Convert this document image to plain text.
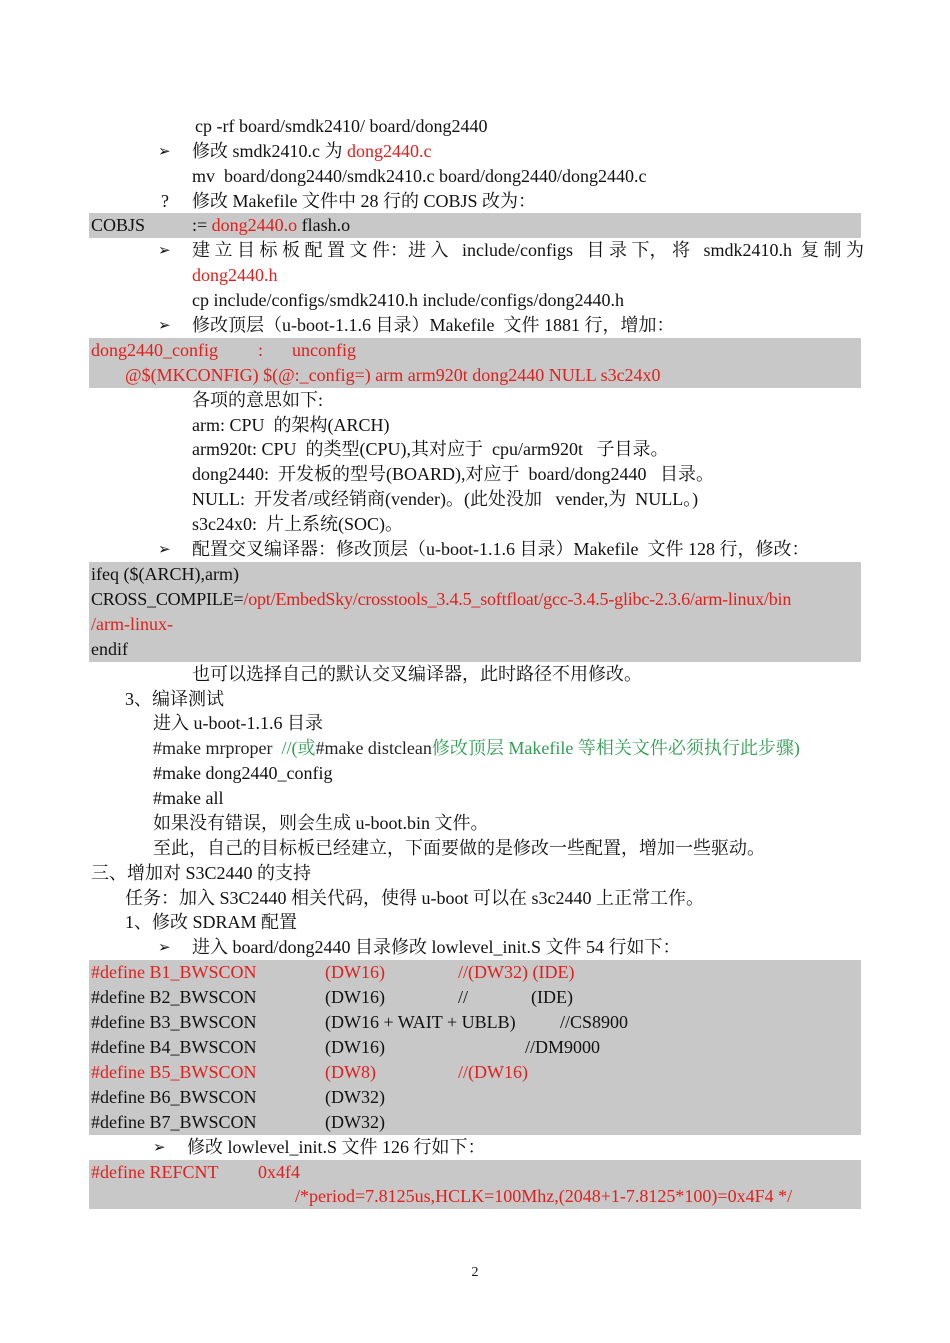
cp -rf board/smdk2410/ board/dong2440
➢ 修改 smdk2410.c 为 dong2440.c
mv  board/dong2440/smdk2410.c board/dong2440/dong2440.c
? 修改 Makefile 文件中 28 行的 COBJS 改为：
COBJS	:= dong2440.o flash.o
➢ 建 立 目 标 板 配 置 文 件：进 入   include/configs   目 录 下， 将   smdk2410.h  复 制 为
dong2440.h
cp include/configs/smdk2410.h include/configs/dong2440.h
➢ 修改顶层（u-boot-1.1.6 目录）Makefile  文件 1881 行，增加：
dong2440_config : unconfig
@$(MKCONFIG) $(@:_config=) arm arm920t dong2440 NULL s3c24x0
各项的意思如下:
arm: CPU  的架构(ARCH)
arm920t: CPU  的类型(CPU),其对应于  cpu/arm920t   子目录。
dong2440:  开发板的型号(BOARD),对应于  board/dong2440   目录。
NULL:  开发者/或经销商(vender)。(此处没加   vender,为  NULL。)
s3c24x0:  片上系统(SOC)。
➢ 配置交叉编译器：修改顶层（u-boot-1.1.6 目录）Makefile  文件 128 行，修改：
ifeq ($(ARCH),arm)
CROSS_COMPILE=/opt/EmbedSky/crosstools_3.4.5_softfloat/gcc-3.4.5-glibc-2.3.6/arm-linux/bin
/arm-linux-
endif
也可以选择自己的默认交叉编译器，此时路径不用修改。
3、编译测试
进入 u-boot-1.1.6 目录
#make mrproper  //(或#make distclean修改顶层 Makefile 等相关文件必须执行此步骤)
#make dong2440_config
#make all
如果没有错误，则会生成 u-boot.bin 文件。
至此，自己的目标板已经建立，下面要做的是修改一些配置，增加一些驱动。
三、增加对 S3C2440 的支持
任务：加入 S3C2440 相关代码，使得 u-boot 可以在 s3c2440 上正常工作。
1、修改 SDRAM 配置
➢ 进入 board/dong2440 目录修改 lowlevel_init.S 文件 54 行如下：
#define B1_BWSCON	(DW16)	//(DW32) (IDE)
#define B2_BWSCON	(DW16)	//              (IDE)
#define B3_BWSCON	(DW16 + WAIT + UBLB) //CS8900
#define B4_BWSCON	(DW16)	//DM9000
#define B5_BWSCON	(DW8)	//(DW16)
#define B6_BWSCON	(DW32)
#define B7_BWSCON	(DW32)
➢ 修改 lowlevel_init.S 文件 126 行如下：
#define REFCNT 0x4f4
/*period=7.8125us,HCLK=100Mhz,(2048+1-7.8125*100)=0x4F4 */
2
